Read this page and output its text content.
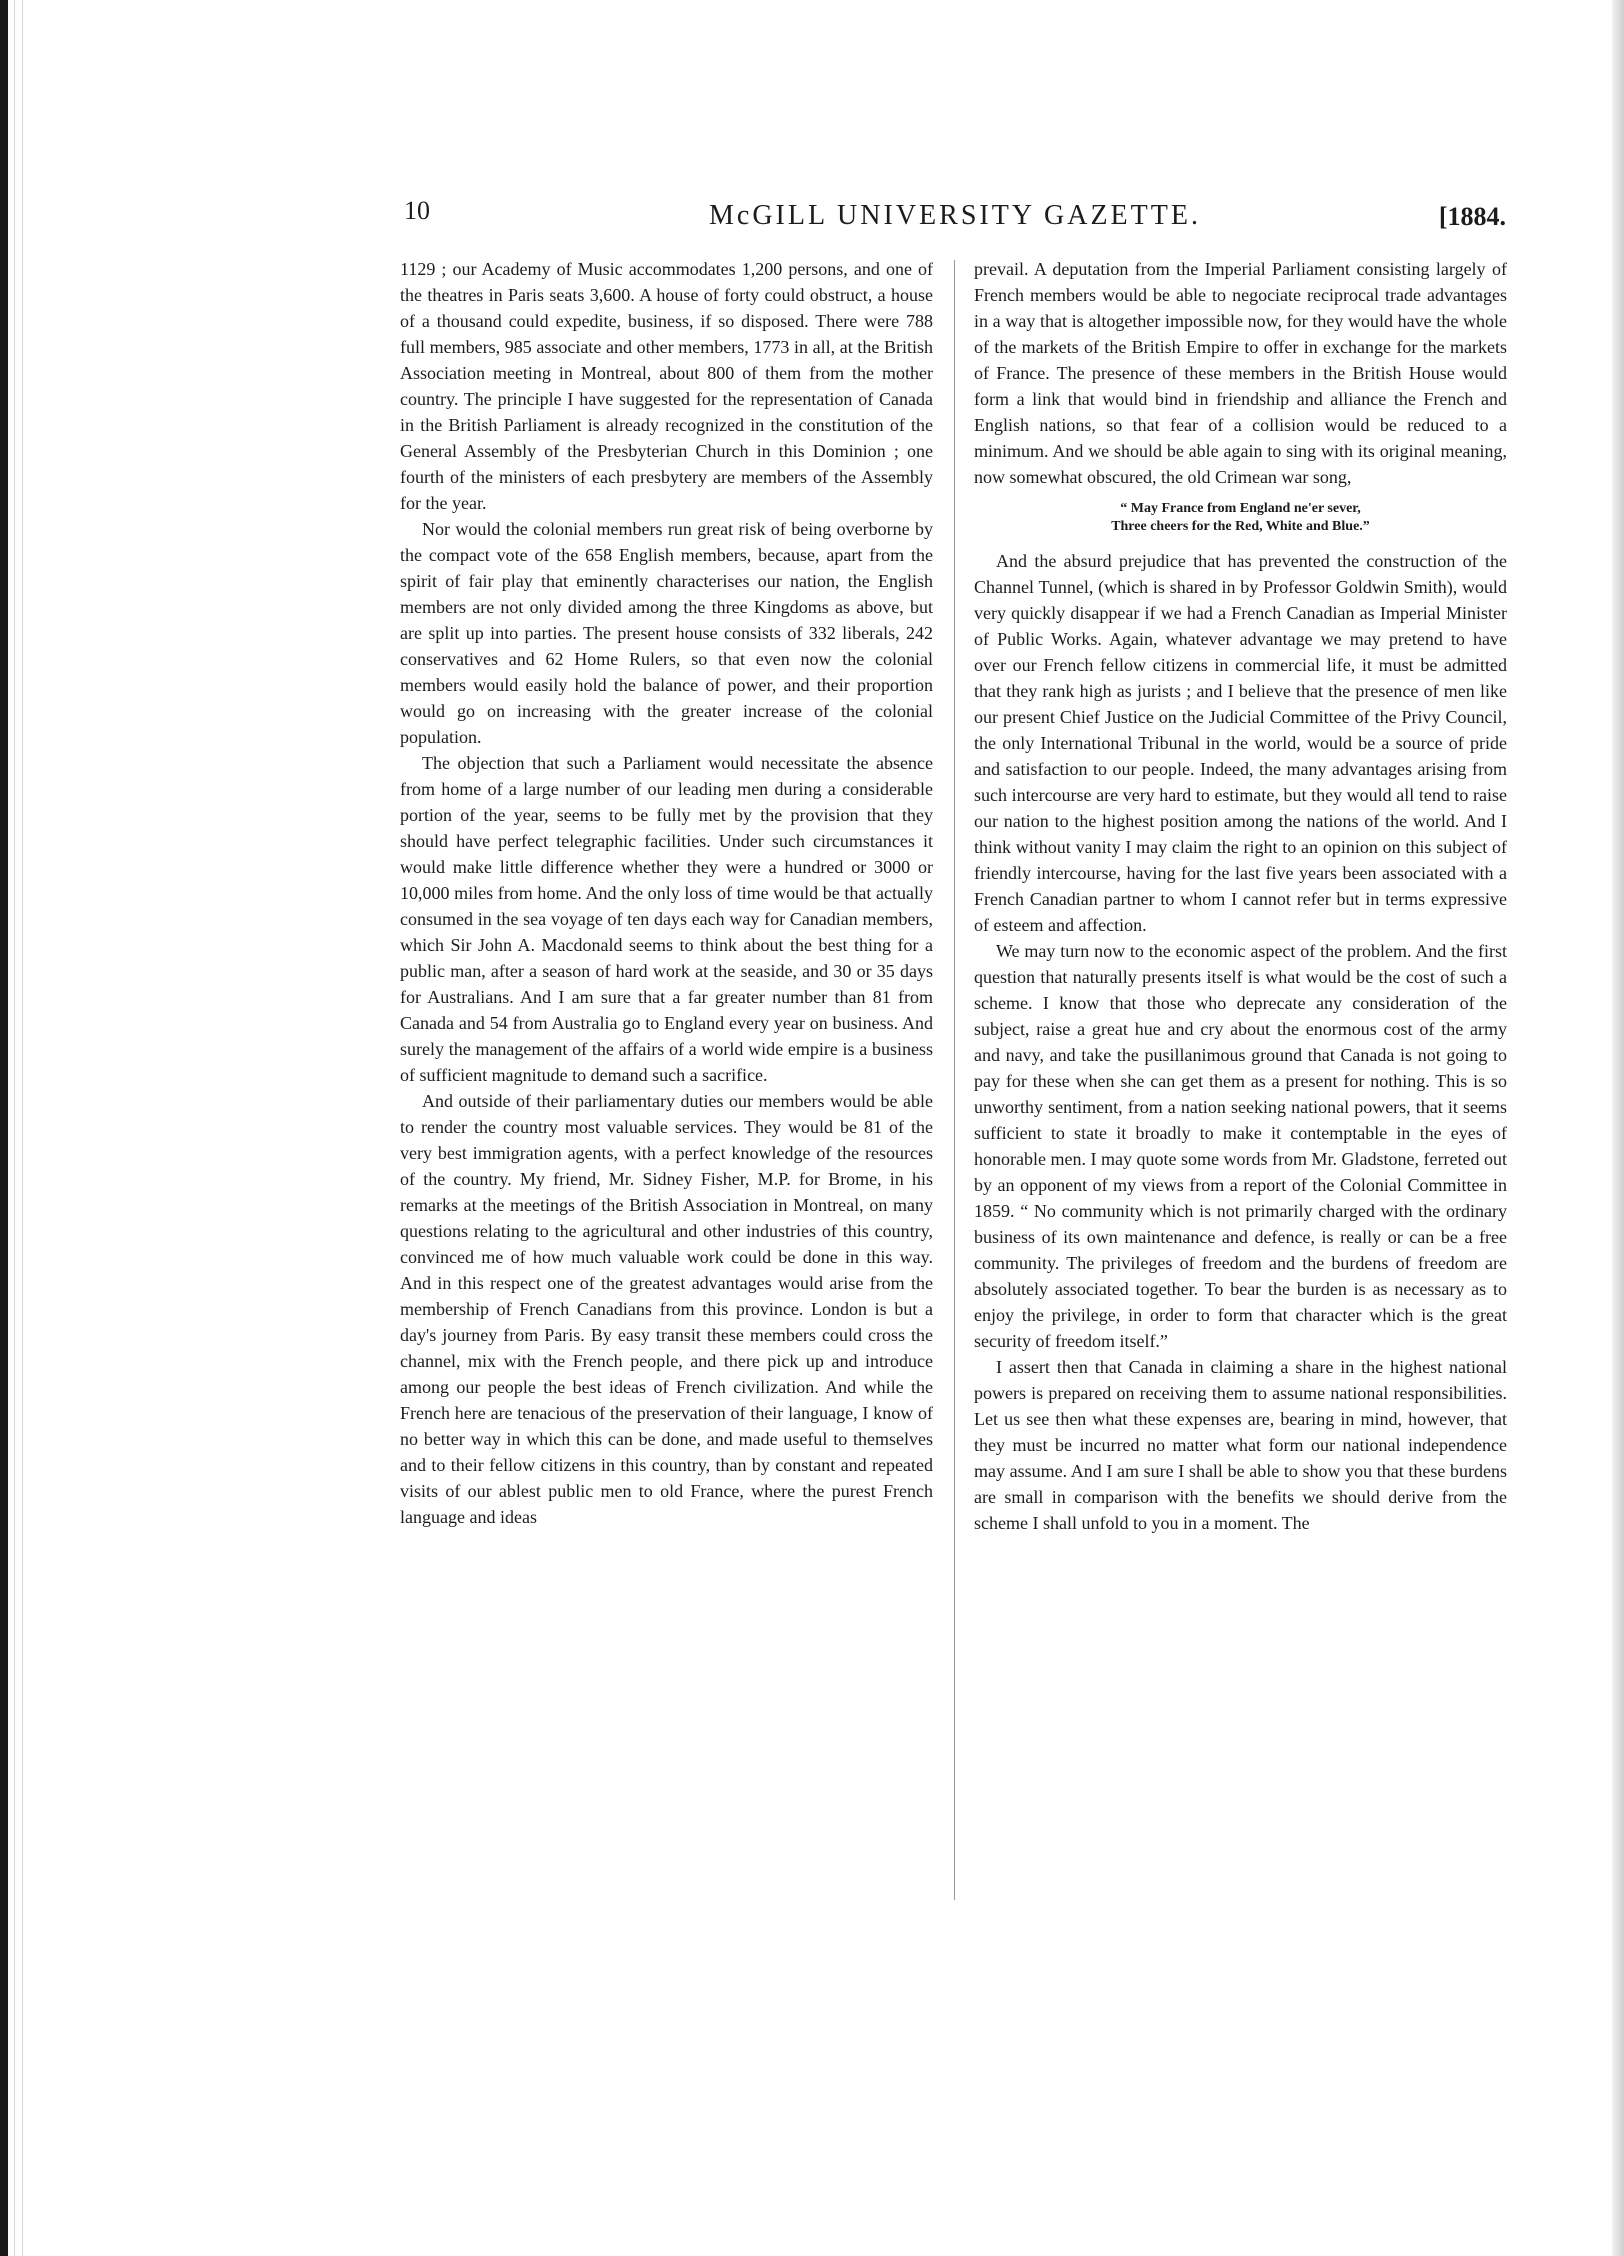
10	McGILL UNIVERSITY GAZETTE.	[1884.

1129 ; our Academy of Music accommodates 1,200 persons, and one of the theatres in Paris seats 3,600. A house of forty could obstruct, a house of a thousand could expedite, business, if so disposed. There were 788 full members, 985 associate and other members, 1773 in all, at the British Association meeting in Montreal, about 800 of them from the mother country. The principle I have suggested for the representation of Canada in the British Parliament is already recognized in the constitution of the General Assembly of the Presbyterian Church in this Dominion ; one fourth of the ministers of each presbytery are members of the Assembly for the year.

Nor would the colonial members run great risk of being overborne by the compact vote of the 658 English members, because, apart from the spirit of fair play that eminently characterises our nation, the English members are not only divided among the three Kingdoms as above, but are split up into parties. The present house consists of 332 liberals, 242 conservatives and 62 Home Rulers, so that even now the colonial members would easily hold the balance of power, and their proportion would go on increasing with the greater increase of the colonial population.

The objection that such a Parliament would necessitate the absence from home of a large number of our leading men during a considerable portion of the year, seems to be fully met by the provision that they should have perfect telegraphic facilities. Under such circumstances it would make little difference whether they were a hundred or 3000 or 10,000 miles from home. And the only loss of time would be that actually consumed in the sea voyage of ten days each way for Canadian members, which Sir John A. Macdonald seems to think about the best thing for a public man, after a season of hard work at the seaside, and 30 or 35 days for Australians. And I am sure that a far greater number than 81 from Canada and 54 from Australia go to England every year on business. And surely the management of the affairs of a world wide empire is a business of sufficient magnitude to demand such a sacrifice.

And outside of their parliamentary duties our members would be able to render the country most valuable services. They would be 81 of the very best immigration agents, with a perfect knowledge of the resources of the country. My friend, Mr. Sidney Fisher, M.P. for Brome, in his remarks at the meetings of the British Association in Montreal, on many questions relating to the agricultural and other industries of this country, convinced me of how much valuable work could be done in this way. And in this respect one of the greatest advantages would arise from the membership of French Canadians from this province. London is but a day's journey from Paris. By easy transit these members could cross the channel, mix with the French people, and there pick up and introduce among our people the best ideas of French civilization. And while the French here are tenacious of the preservation of their language, I know of no better way in which this can be done, and made useful to themselves and to their fellow citizens in this country, than by constant and repeated visits of our ablest public men to old France, where the purest French language and ideas

prevail. A deputation from the Imperial Parliament consisting largely of French members would be able to negociate reciprocal trade advantages in a way that is altogether impossible now, for they would have the whole of the markets of the British Empire to offer in exchange for the markets of France. The presence of these members in the British House would form a link that would bind in friendship and alliance the French and English nations, so that fear of a collision would be reduced to a minimum. And we should be able again to sing with its original meaning, now somewhat obscured, the old Crimean war song,

“ May France from England ne'er sever,
Three cheers for the Red, White and Blue.”

And the absurd prejudice that has prevented the construction of the Channel Tunnel, (which is shared in by Professor Goldwin Smith), would very quickly disappear if we had a French Canadian as Imperial Minister of Public Works. Again, whatever advantage we may pretend to have over our French fellow citizens in commercial life, it must be admitted that they rank high as jurists ; and I believe that the presence of men like our present Chief Justice on the Judicial Committee of the Privy Council, the only International Tribunal in the world, would be a source of pride and satisfaction to our people. Indeed, the many advantages arising from such intercourse are very hard to estimate, but they would all tend to raise our nation to the highest position among the nations of the world. And I think without vanity I may claim the right to an opinion on this subject of friendly intercourse, having for the last five years been associated with a French Canadian partner to whom I cannot refer but in terms expressive of esteem and affection.

We may turn now to the economic aspect of the problem. And the first question that naturally presents itself is what would be the cost of such a scheme. I know that those who deprecate any consideration of the subject, raise a great hue and cry about the enormous cost of the army and navy, and take the pusillanimous ground that Canada is not going to pay for these when she can get them as a present for nothing. This is so unworthy sentiment, from a nation seeking national powers, that it seems sufficient to state it broadly to make it contemptable in the eyes of honorable men. I may quote some words from Mr. Gladstone, ferreted out by an opponent of my views from a report of the Colonial Committee in 1859. “ No community which is not primarily charged with the ordinary business of its own maintenance and defence, is really or can be a free community. The privileges of freedom and the burdens of freedom are absolutely associated together. To bear the burden is as necessary as to enjoy the privilege, in order to form that character which is the great security of freedom itself.”

I assert then that Canada in claiming a share in the highest national powers is prepared on receiving them to assume national responsibilities. Let us see then what these expenses are, bearing in mind, however, that they must be incurred no matter what form our national independence may assume. And I am sure I shall be able to show you that these burdens are small in comparison with the benefits we should derive from the scheme I shall unfold to you in a moment. The
